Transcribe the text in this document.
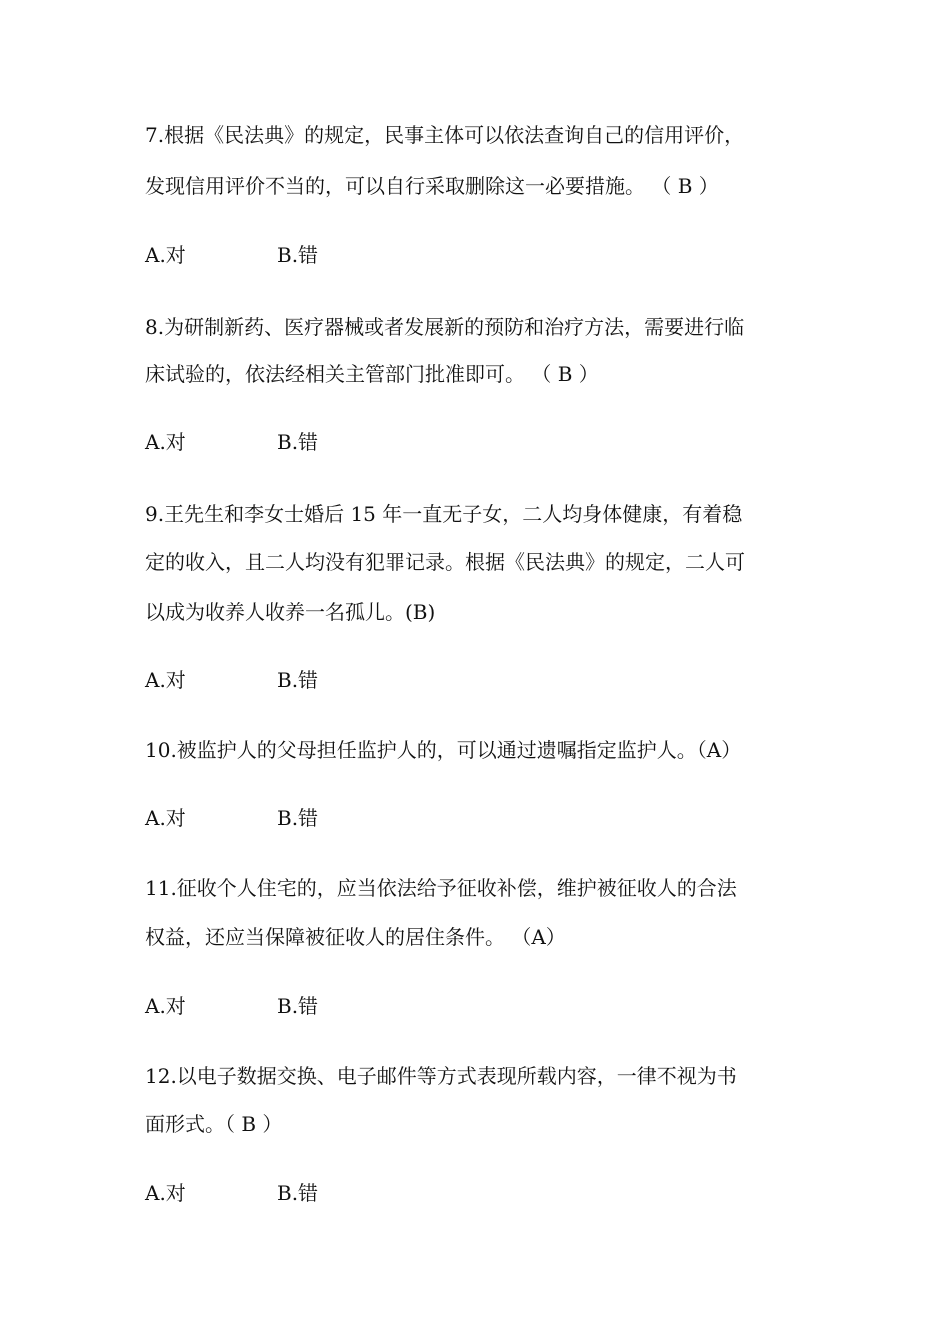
7.根据《民法典》的规定，民事主体可以依法查询自己的信用评价，
发现信用评价不当的，可以自行采取删除这一必要措施。 （ B ）
A.对	B.错
8.为研制新药、医疗器械或者发展新的预防和治疗方法，需要进行临
床试验的，依法经相关主管部门批准即可。 （ B ）
A.对	B.错
9.王先生和李女士婚后 15 年一直无子女，二人均身体健康，有着稳
定的收入，且二人均没有犯罪记录。根据《民法典》的规定，二人可
以成为收养人收养一名孤儿。(B)
A.对	B.错
10.被监护人的父母担任监护人的，可以通过遗嘱指定监护人。（A）
A.对	B.错
11.征收个人住宅的，应当依法给予征收补偿，维护被征收人的合法
权益，还应当保障被征收人的居住条件。 （A）
A.对	B.错
12.以电子数据交换、电子邮件等方式表现所载内容，一律不视为书
面形式。（ B ）
A.对	B.错
